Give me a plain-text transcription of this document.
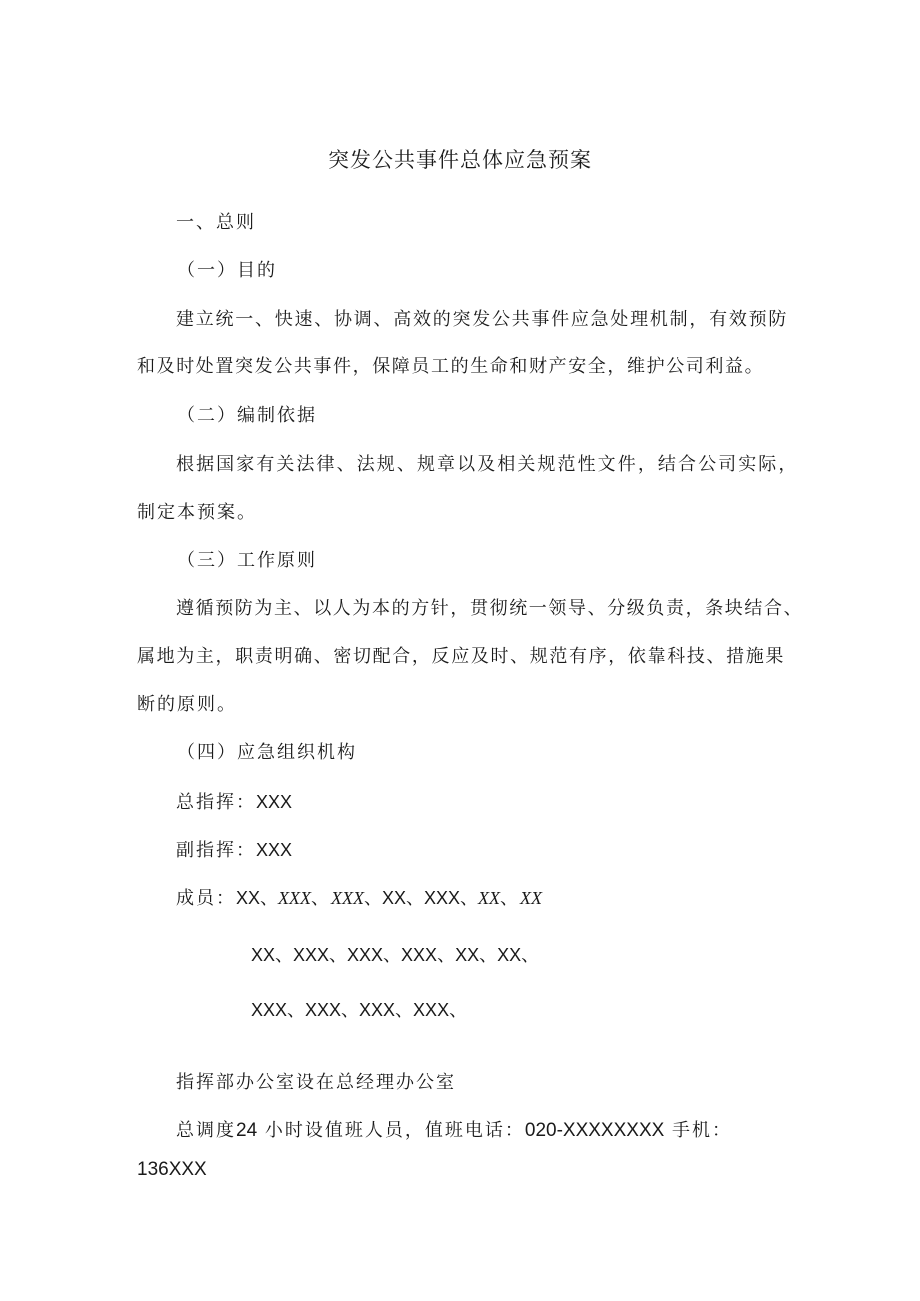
突发公共事件总体应急预案
一、总则
（一）目的
建立统一、快速、协调、高效的突发公共事件应急处理机制，有效预防
和及时处置突发公共事件，保障员工的生命和财产安全，维护公司利益。
（二）编制依据
根据国家有关法律、法规、规章以及相关规范性文件，结合公司实际，
制定本预案。
（三）工作原则
遵循预防为主、以人为本的方针，贯彻统一领导、分级负责，条块结合、
属地为主，职责明确、密切配合，反应及时、规范有序，依靠科技、措施果
断的原则。
（四）应急组织机构
总指挥：XXX
副指挥：XXX
成员：XX、XXX、XXX、XX、XXX、XX、XX
XX、XXX、XXX、XXX、XX、XX、
XXX、XXX、XXX、XXX、
指挥部办公室设在总经理办公室
总调度24 小时设值班人员，值班电话：020-XXXXXXXX 手机：
136XXX
